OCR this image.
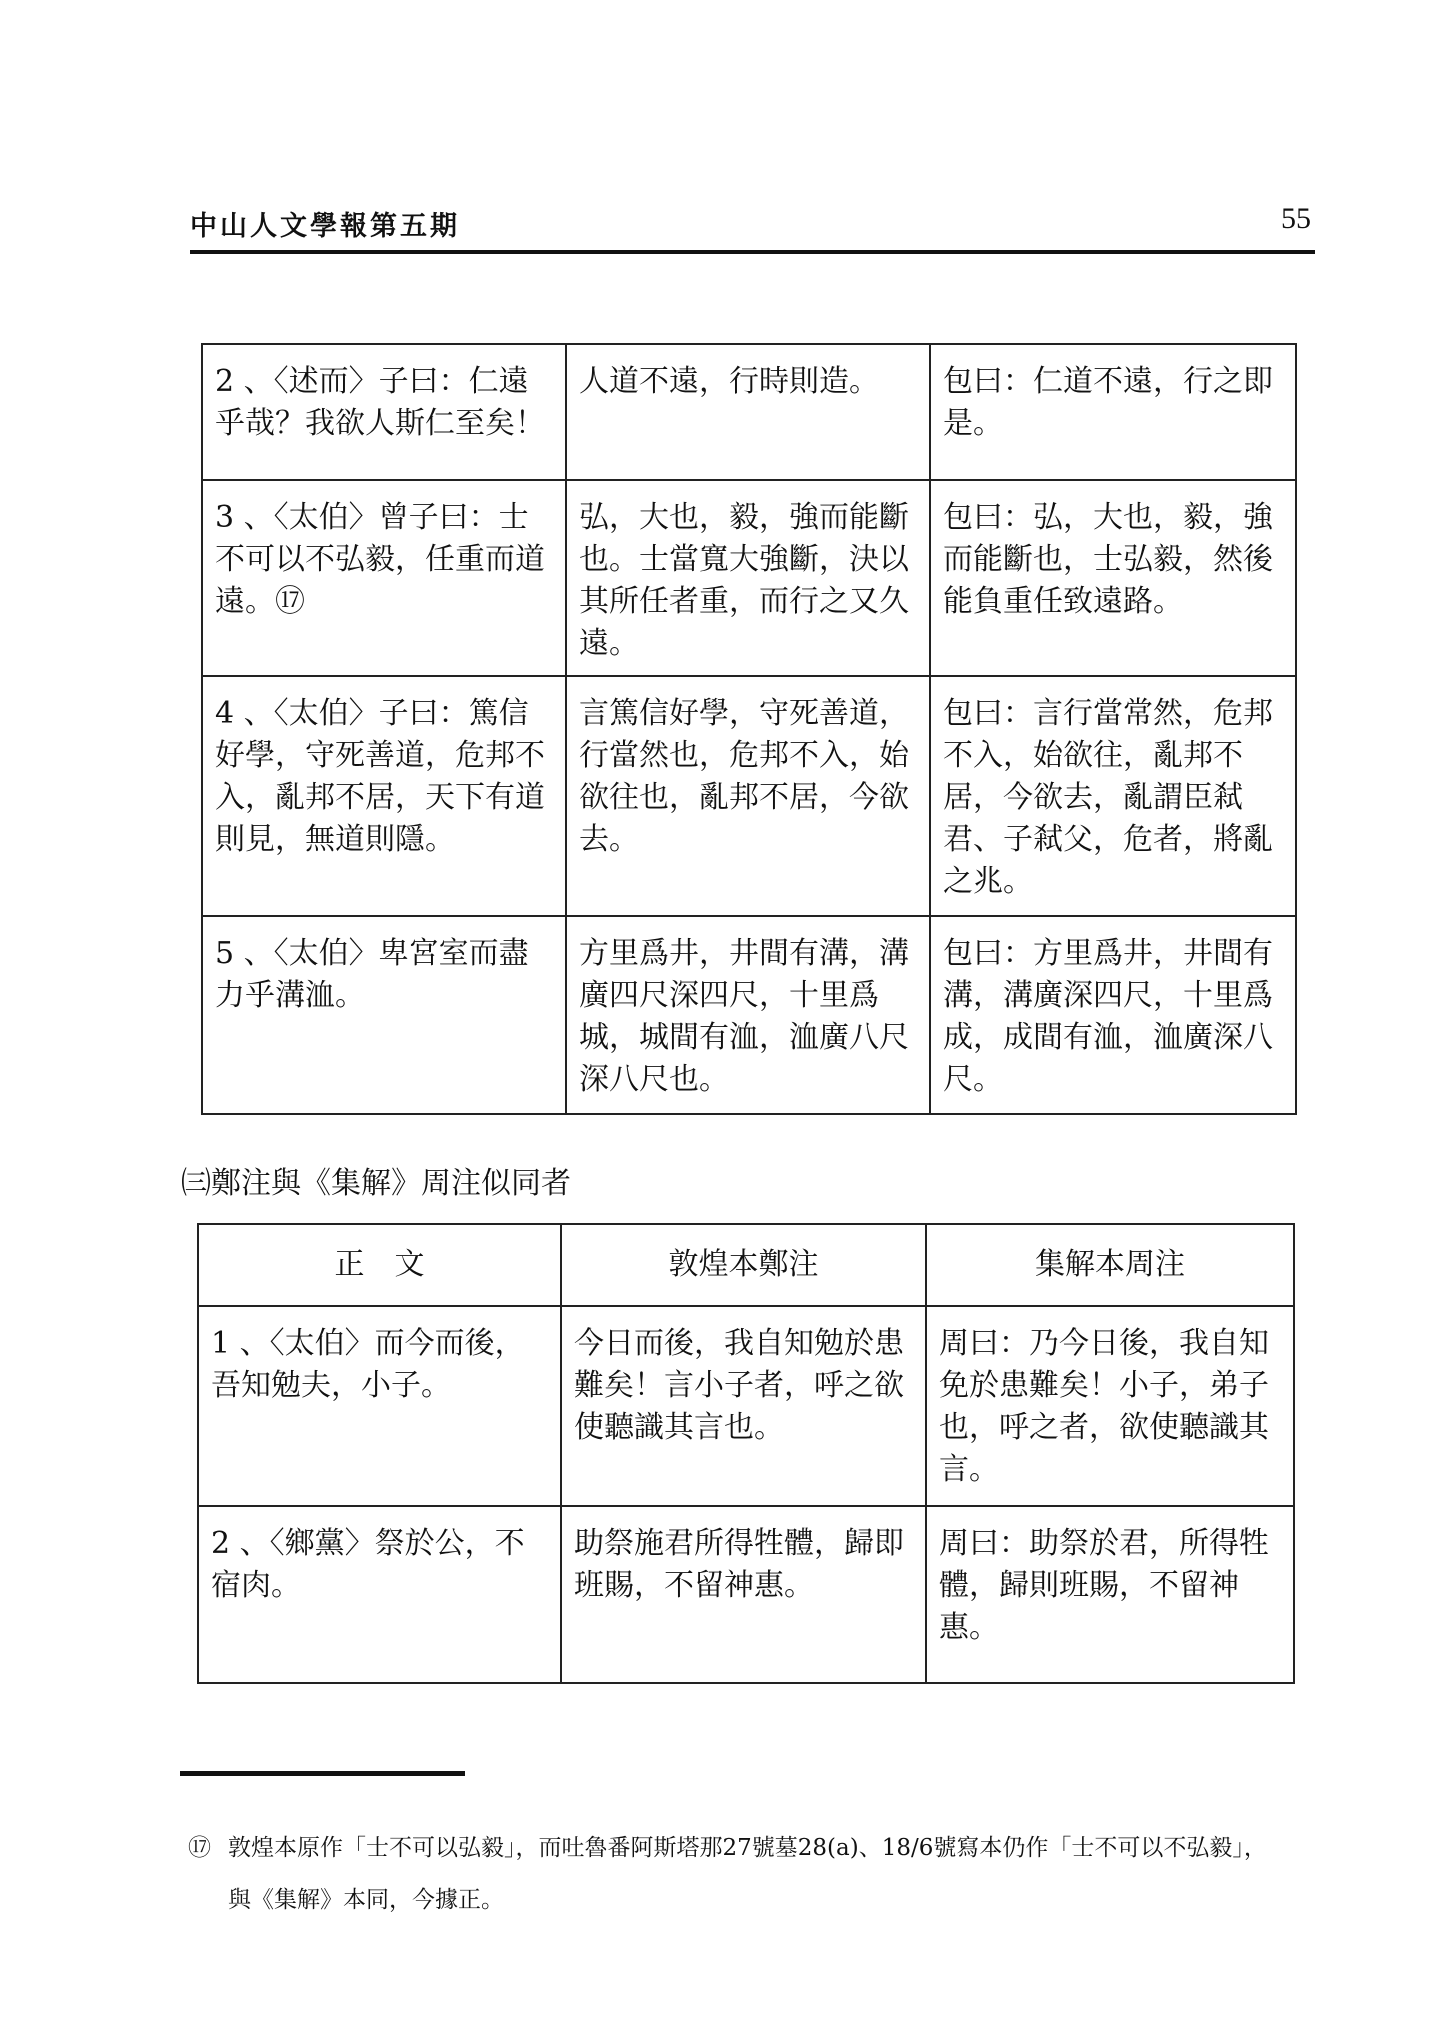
中山人文學報第五期	55
2 、〈述而〉子曰：仁遠乎哉？我欲人斯仁至矣！	人道不遠，行時則造。	包曰：仁道不遠，行之即是。
3 、〈太伯〉曾子曰：士不可以不弘毅，任重而道遠。⑰	弘，大也，毅，強而能斷也。士當寬大強斷，決以其所任者重，而行之又久遠。	包曰：弘，大也，毅，強而能斷也，士弘毅，然後能負重任致遠路。
4 、〈太伯〉子曰：篤信好學，守死善道，危邦不入，亂邦不居，天下有道則見，無道則隱。	言篤信好學，守死善道，行當然也，危邦不入，始欲往也，亂邦不居，今欲去。	包曰：言行當常然，危邦不入，始欲往，亂邦不居，今欲去，亂謂臣弒君、子弒父，危者，將亂之兆。
5 、〈太伯〉卑宮室而盡力乎溝洫。	方里爲井，井間有溝，溝廣四尺深四尺，十里爲城，城間有洫，洫廣八尺深八尺也。	包曰：方里爲井，井間有溝，溝廣深四尺，十里爲成，成間有洫，洫廣深八尺。
㈢鄭注與《集解》周注似同者
正　文	敦煌本鄭注	集解本周注
1 、〈太伯〉而今而後，吾知勉夫，小子。	今日而後，我自知勉於患難矣！言小子者，呼之欲使聽識其言也。	周曰：乃今日後，我自知免於患難矣！小子，弟子也，呼之者，欲使聽識其言。
2 、〈鄉黨〉祭於公，不宿肉。	助祭施君所得牲體，歸即班賜，不留神惠。	周曰：助祭於君，所得牲體，歸則班賜，不留神惠。
⑰ 敦煌本原作「士不可以弘毅」，而吐魯番阿斯塔那27號墓28(a)、18/6號寫本仍作「士不可以不弘毅」，
與《集解》本同，今據正。
